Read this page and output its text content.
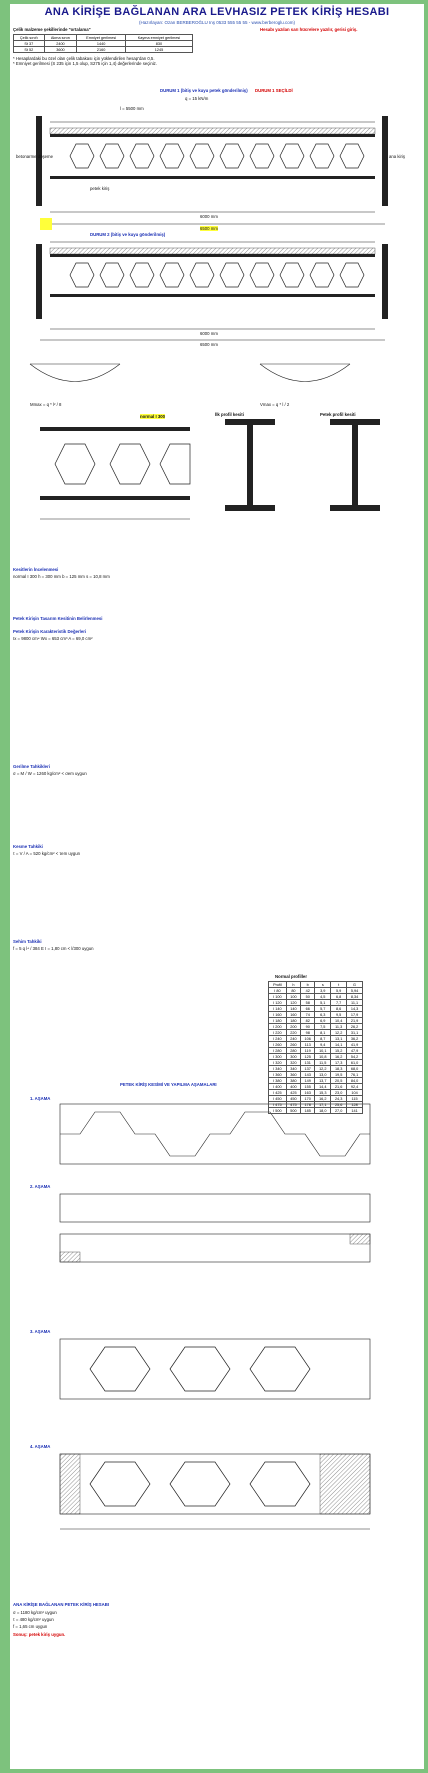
ANA KİRİŞE BAĞLANAN ARA LEVHASIZ PETEK KİRİŞ HESABI
(Hazırlayan: Ozan BERBEROĞLU Inş 0533 555 55 55 - www.berberoglu.com)
Çelik malzeme şekillerinde "ortalama"	Hesabı yazılan sarı hücrelere yazılır, gerisi giriş.
Çelik sınıfı	Akma sınırı	Emniyet gerilmesi	Kayma emniyet gerilmesi
St 37	2400	1440	830
St 52	3600	2160	1245
* Hesaplardaki bu özel olan çelik tabakası için yüklendirilen hesap'dan 0,5.
* Emniyet gerilmesi (S 235 için 1,5 olup, S275 için 1,4) değerlerinde seçiniz.
DURUM 1 (bitiş ve kuyu petek gönderilmiş) DURUM 1 SEÇİLDİ
q = 15 kN/m
l = 5500 mm
betonarme döşeme	ana kiriş
petek kiriş
6000 mm
6500 mm
DURUM 2 (bitiş ve kuyu gönderilmiş)
6000 mm
6500 mm
Mmax = q * l² / 8	Vmax = q * l / 2
normal I 300	İlk profil kesiti	Petek profil kesiti
Kesitlerin İncelenmesi
normal I 300 h = 300 mm b = 125 mm s = 10,8 mm
Petek Kirişin Tasarım Kesitinin Belirlenmesi
Petek Kirişin Karakteristik Değerleri
Ix = 9800 cm⁴ Wx = 653 cm³ A = 69,0 cm²
Gerilme Tahkikleri
σ = M / W = 1260 kg/cm² < σem uygun
Kesme Tahkiki
τ = V / A = 520 kg/cm² < τem uygun
Sehim Tahkiki
f = 5 q l⁴ / 384 E I = 1,80 cm < l/300 uygun
Normal profiller
Profil	h	b	s	t	G
I 80	80	42	3,9	5,9	5,94
I 100	100	50	4,5	6,8	8,34
I 120	120	58	5,1	7,7	11,1
I 140	140	66	5,7	8,6	14,3
I 160	160	74	6,3	9,5	17,9
I 180	180	82	6,9	10,4	21,9
I 200	200	90	7,5	11,3	26,2
I 220	220	98	8,1	12,2	31,1
I 240	240	106	8,7	13,1	36,2
I 260	260	113	9,4	14,1	41,9
I 280	280	119	10,1	15,2	47,9
I 300	300	125	10,8	16,2	54,2
I 320	320	131	11,5	17,3	61,0
I 340	340	137	12,2	18,3	68,0
I 360	360	143	13,0	19,5	76,1
I 380	380	149	13,7	20,5	84,0
I 400	400	155	14,4	21,6	92,4
I 425	425	163	15,3	23,0	104
I 450	450	170	16,2	24,3	115
I 475	475	178	17,1	25,6	128
I 500	500	185	18,0	27,0	141
PETEK KİRİŞ KESİMİ VE YAPILMA AŞAMALARI
1. AŞAMA
2. AŞAMA
3. AŞAMA
4. AŞAMA
ANA KİRİŞE BAĞLANAN PETEK KİRİŞ HESABI
σ = 1180 kg/cm² uygun
τ = 480 kg/cm² uygun
f = 1,65 cm uygun
Sonuç: petek kiriş uygun.
